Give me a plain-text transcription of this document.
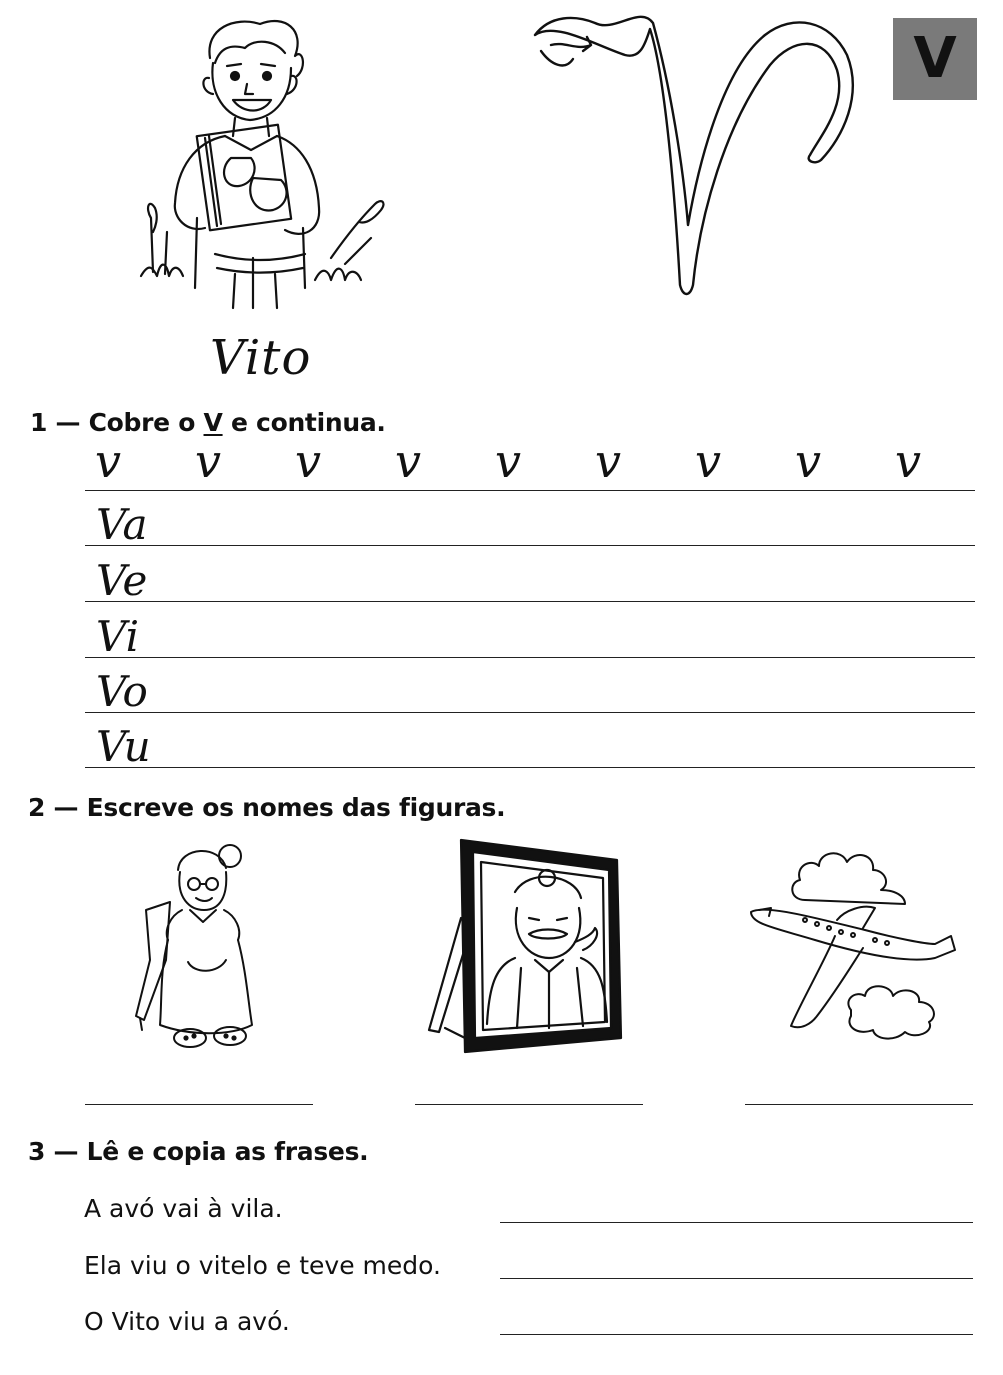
Vito
V
1 — Cobre o V e continua.
v v v v v v v v v
Va
Ve
Vi
Vo
Vu
2 — Escreve os nomes das figuras.
3 — Lê e copia as frases.
A avó vai à vila.
Ela viu o vitelo e teve medo.
O Vito viu a avó.
